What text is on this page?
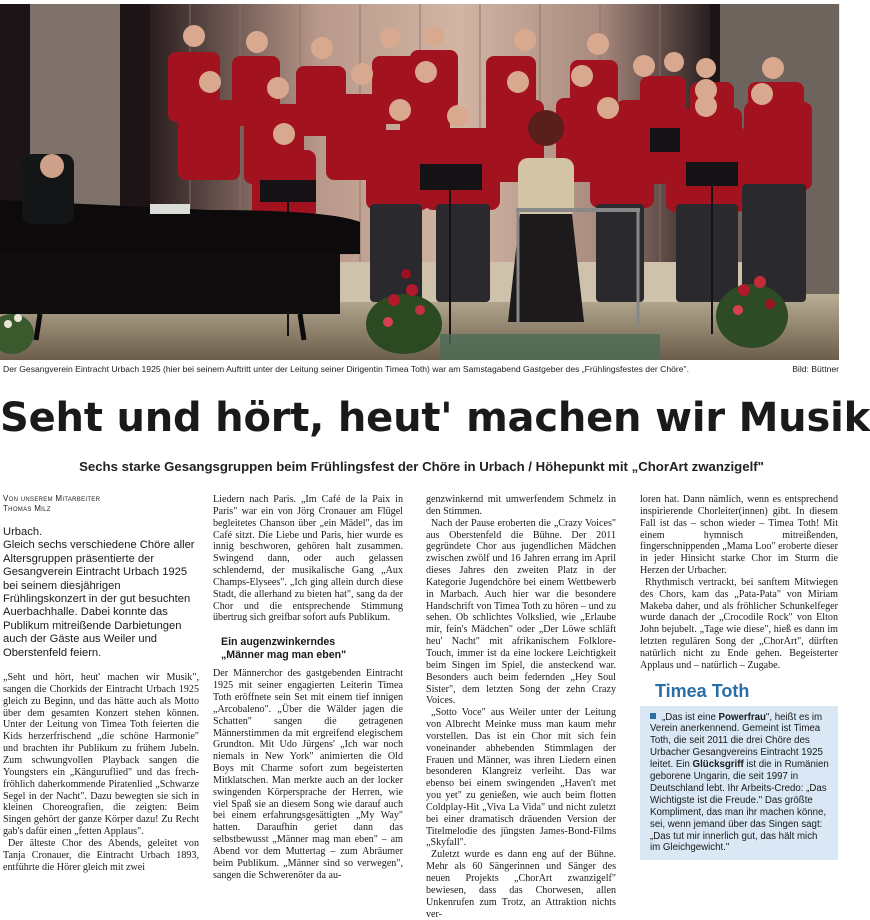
Der Gesangverein Eintracht Urbach 1925 (hier bei seinem Auftritt unter der Leitung seiner Dirigentin Timea Toth) war am Samstagabend Gastgeber des „Frühlingsfestes der Chöre".	Bild: Büttner
Seht und hört, heut' machen wir Musik
Sechs starke Gesangsgruppen beim Frühlingsfest der Chöre in Urbach / Höhepunkt mit „ChorArt zwanzigelf"
Von unserem Mitarbeiter
Thomas Milz
Urbach.
Gleich sechs verschiedene Chöre aller Altersgruppen präsentierte der Gesangverein Eintracht Urbach 1925 bei seinem diesjährigen Frühlingskonzert in der gut besuchten Auerbachhalle. Dabei konnte das Publikum mitreißende Darbietungen auch der Gäste aus Weiler und Oberstenfeld feiern.

„Seht und hört, heut' machen wir Musik", sangen die Chorkids der Eintracht Urbach 1925 gleich zu Beginn, und das hätte auch als Motto über dem gesamten Konzert stehen können. Unter der Leitung von Timea Toth feierten die Kids herzerfrischend „die schöne Harmonie" und brachten ihr Publikum zu frühem Jubeln. Zum schwungvollen Playback sangen die Youngsters ein „Känguruflied" und das frech-fröhlich daherkommende Piratenlied „Schwarze Segel in der Nacht". Dazu bewegten sie sich in kleinen Choreografien, die zeigten: Beim Singen gehört der ganze Körper dazu! Zu Recht gab's dafür einen „fetten Applaus".

Der älteste Chor des Abends, geleitet von Tanja Cronauer, die Eintracht Urbach 1893, entführte die Hörer gleich mit zwei

Liedern nach Paris. „Im Café de la Paix in Paris" war ein von Jörg Cronauer am Flügel begleitetes Chanson über „ein Mädel", das im Café sitzt. Die Liebe und Paris, hier wurde es innig beschworen, gehören halt zusammen. Swingend dann, oder auch gelassen schlendernd, der musikalische Gang „Aux Champs-Elysees". „Ich ging allein durch diese Stadt, die allerhand zu bieten hat", sang da der Chor und die entsprechende Stimmung übertrug sich greifbar sofort aufs Publikum.

Ein augenzwinkerndes
„Männer mag man eben"

Der Männerchor des gastgebenden Eintracht 1925 mit seiner engagierten Leiterin Timea Toth eröffnete sein Set mit einem tief innigen „Arcobaleno". „Über die Wälder jagen die Schatten" sangen die getragenen Männerstimmen da mit ergreifend elegischem Grundton. Mit Udo Jürgens' „Ich war noch niemals in New York" animierten die Old Boys mit Charme sofort zum begeisterten Mitklatschen. Man merkte auch an der locker swingenden Körpersprache der Herren, wie viel Spaß sie an diesem Song wie darauf auch bei einem erfahrungsgesättigten „My Way" hatten. Daraufhin geriet dann das selbstbewusst „Männer mag man eben" – am Abend vor dem Muttertag – zum Abräumer beim Publikum. „Männer sind so verwegen", sangen die Schwerenöter da au-

genzwinkernd mit umwerfendem Schmelz in den Stimmen.

Nach der Pause eroberten die „Crazy Voices" aus Oberstenfeld die Bühne. Der 2011 gegründete Chor aus jugendlichen Mädchen zwischen zwölf und 16 Jahren errang im April dieses Jahres den zweiten Platz in der Kategorie Jugendchöre bei einem Wettbewerb in Marbach. Auch hier war die besondere Handschrift von Timea Toth zu hören – und zu sehen. Ob schlichtes Volkslied, wie „Erlaube mir, fein's Mädchen" oder „Der Löwe schläft heu' Nacht" mit afrikanischem Folklore-Touch, immer ist da eine lockere Leichtigkeit beim Singen im Spiel, die ansteckend war. Besonders auch beim federnden „Hey Soul Sister", dem letzten Song der zehn Crazy Voices.

„Sotto Voce" aus Weiler unter der Leitung von Albrecht Meinke muss man kaum mehr vorstellen. Das ist ein Chor mit sich fein voneinander abhebenden Stimmlagen der Frauen und Männer, was ihren Liedern einen besonderen Klangreiz verleiht. Das war ebenso bei einem swingenden „Haven't met you yet" zu genießen, wie auch beim flotten Coldplay-Hit „Viva La Vida" und nicht zuletzt bei einer dramatisch dräuenden Version der Titelmelodie des jüngsten James-Bond-Films „Skyfall".

Zuletzt wurde es dann eng auf der Bühne. Mehr als 60 Sängerinnen und Sänger des neuen Projekts „ChorArt zwanzigelf" bewiesen, dass das Chorwesen, allen Unkenrufen zum Trotz, an Attraktion nichts ver-

loren hat. Dann nämlich, wenn es entsprechend inspirierende Chorleiter(innen) gibt. In diesem Fall ist das – schon wieder – Timea Toth! Mit einem hymnisch mitreißenden, fingerschnippenden „Mama Loo" eroberte dieser in jeder Hinsicht starke Chor im Sturm die Herzen der Urbacher.

Rhythmisch vertrackt, bei sanftem Mitwiegen des Chors, kam das „Pata-Pata" von Miriam Makeba daher, und als fröhlicher Schunkelfeger wurde danach der „Crocodile Rock" von Elton John bejubelt. „Tage wie diese", hieß es dann im letzten regulären Song der „ChorArt", dürften natürlich nicht zu Ende gehen. Begeisterter Applaus und – natürlich – Zugabe.

Timea Toth
„Das ist eine Powerfrau", heißt es im Verein anerkennend. Gemeint ist Timea Toth, die seit 2011 die drei Chöre des Urbacher Gesangvereins Eintracht 1925 leitet. Ein Glücksgriff ist die in Rumänien geborene Ungarin, die seit 1997 in Deutschland lebt. Ihr Arbeits-Credo: „Das Wichtigste ist die Freude." Das größte Kompliment, das man ihr machen könne, sei, wenn jemand über das Singen sagt: „Das tut mir innerlich gut, das hält mich im Gleichgewicht."
